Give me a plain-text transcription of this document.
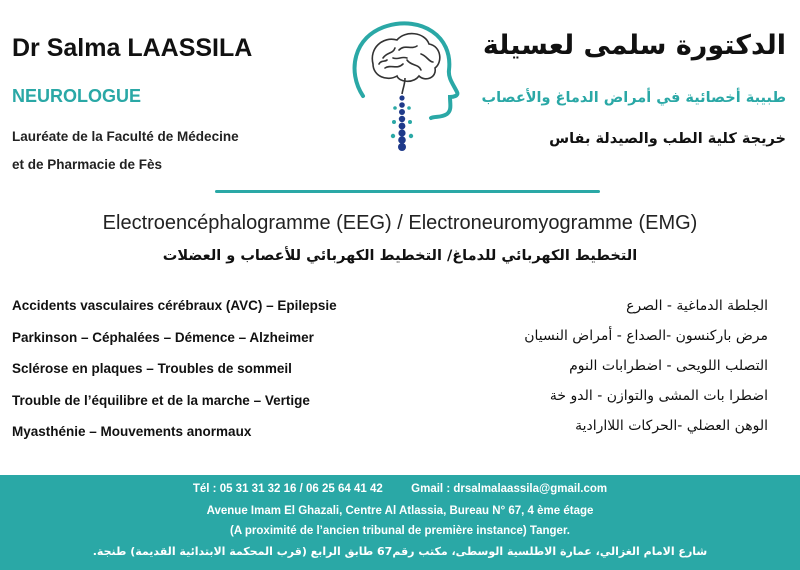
Dr Salma LAASSILA
NEUROLOGUE
Lauréate de la Faculté de Médecine
et de Pharmacie de Fès
الدكتورة سلمى لعسيلة
طبيبة أخصائية في أمراض الدماغ والأعصاب
خريجة كلية الطب والصيدلة بفاس
Electroencéphalogramme (EEG) / Electroneuromyogramme (EMG)
التخطيط الكهربائي للدماغ/ التخطيط الكهربائي للأعصاب و العضلات
Accidents vasculaires cérébraux (AVC) – Epilepsie
Parkinson – Céphalées – Démence – Alzheimer
Sclérose en plaques – Troubles de sommeil
Trouble de l’équilibre et de la marche – Vertige
Myasthénie – Mouvements anormaux
الجلطة الدماغية - الصرع
مرض باركنسون -الصداع - أمراض النسيان
التصلب اللويحى - اضطرابات النوم
اضطرا بات المشى والتوازن - الدو خة
الوهن العضلي -الحركات اللاارادية
Tél : 05 31 31 32 16 / 06 25 64 41 42 Gmail : drsalmalaassila@gmail.com
Avenue Imam El Ghazali, Centre Al Atlassia, Bureau N° 67, 4 ème étage
(A proximité de l’ancien tribunal de première instance) Tanger.
شارع الامام الغزالي، عمارة الاطلسية الوسطى، مكتب رقم67 طابق الرابع (قرب المحكمة الابتدائية القديمة) طنجة.
